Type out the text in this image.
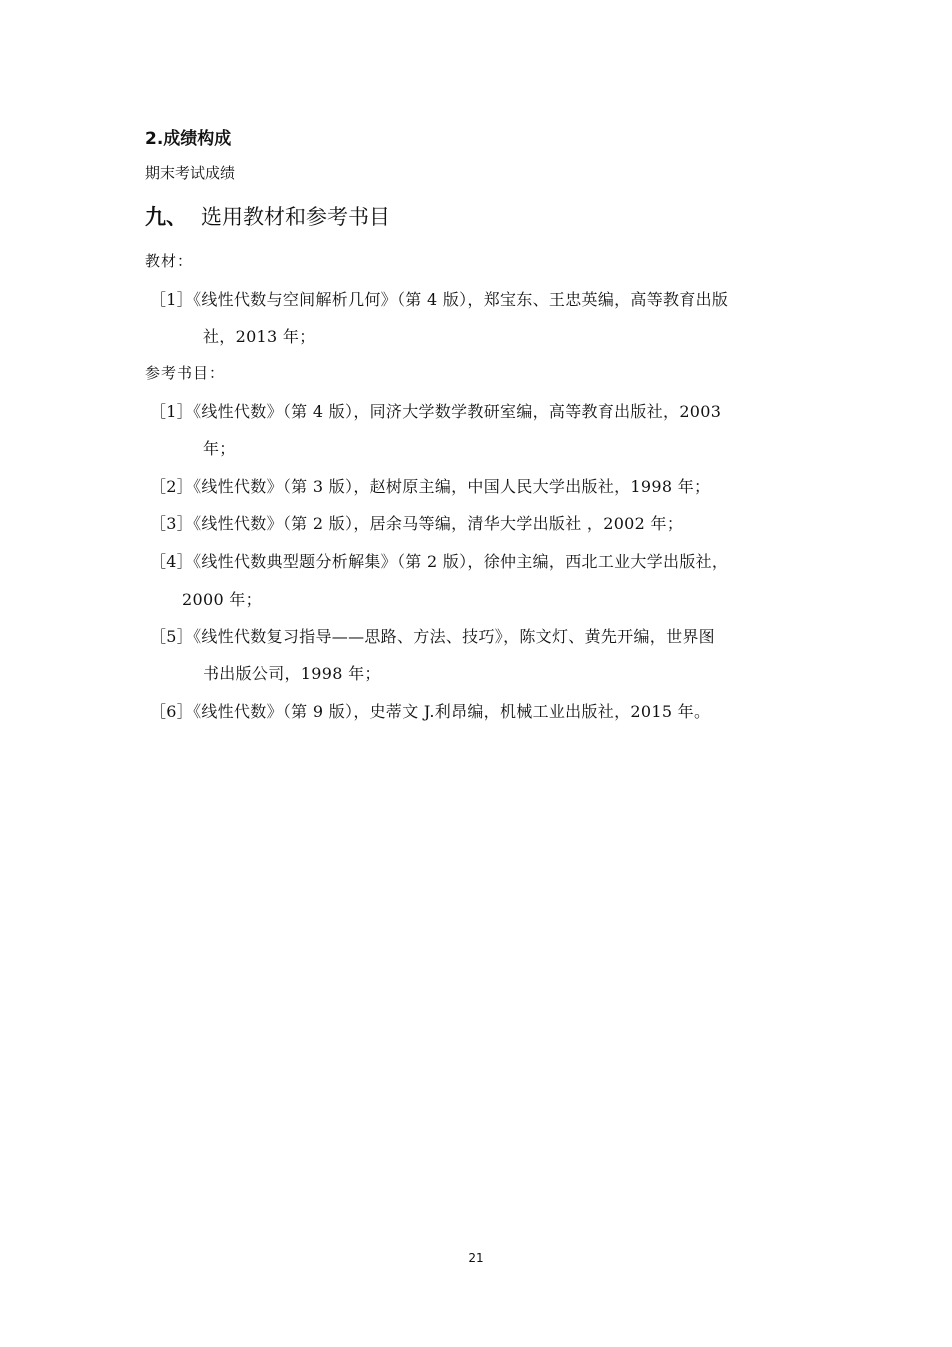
2.成绩构成
期末考试成绩
九、 选用教材和参考书目
教材：
［1］《线性代数与空间解析几何》（第 4 版），郑宝东、王忠英编，高等教育出版
社，2013 年；
参考书目：
［1］《线性代数》（第 4 版），同济大学数学教研室编，高等教育出版社，2003
年；
［2］《线性代数》（第 3 版），赵树原主编，中国人民大学出版社，1998 年；
［3］《线性代数》（第 2 版），居余马等编，清华大学出版社 ，2002 年；
［4］《线性代数典型题分析解集》（第 2 版），徐仲主编，西北工业大学出版社，
2000 年；
［5］《线性代数复习指导——思路、方法、技巧》，陈文灯、黄先开编，世界图
书出版公司，1998 年；
［6］《线性代数》（第 9 版），史蒂文 J.利昂编，机械工业出版社，2015 年。
21
